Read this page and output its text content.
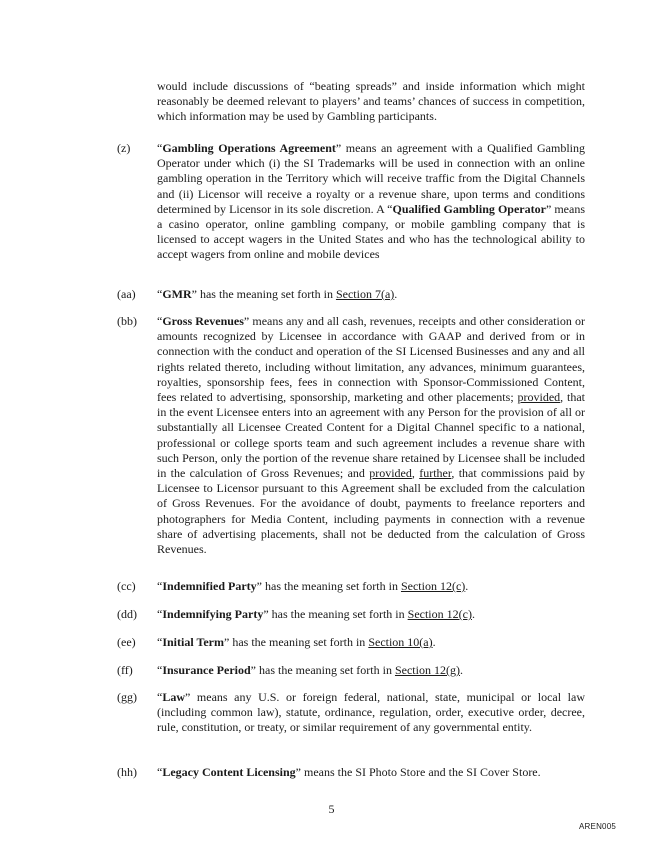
would include discussions of “beating spreads” and inside information which might reasonably be deemed relevant to players’ and teams’ chances of success in competition, which information may be used by Gambling participants.

(z)	“Gambling Operations Agreement” means an agreement with a Qualified Gambling Operator under which (i) the SI Trademarks will be used in connection with an online gambling operation in the Territory which will receive traffic from the Digital Channels and (ii) Licensor will receive a royalty or a revenue share, upon terms and conditions determined by Licensor in its sole discretion. A “Qualified Gambling Operator” means a casino operator, online gambling company, or mobile gambling company that is licensed to accept wagers in the United States and who has the technological ability to accept wagers from online and mobile devices
(aa)	“GMR” has the meaning set forth in Section 7(a).
(bb)	“Gross Revenues” means any and all cash, revenues, receipts and other consideration or amounts recognized by Licensee in accordance with GAAP and derived from or in connection with the conduct and operation of the SI Licensed Businesses and any and all rights related thereto, including without limitation, any advances, minimum guarantees, royalties, sponsorship fees, fees in connection with Sponsor-Commissioned Content, fees related to advertising, sponsorship, marketing and other placements; provided, that in the event Licensee enters into an agreement with any Person for the provision of all or substantially all Licensee Created Content for a Digital Channel specific to a national, professional or college sports team and such agreement includes a revenue share with such Person, only the portion of the revenue share retained by Licensee shall be included in the calculation of Gross Revenues; and provided, further, that commissions paid by Licensee to Licensor pursuant to this Agreement shall be excluded from the calculation of Gross Revenues. For the avoidance of doubt, payments to freelance reporters and photographers for Media Content, including payments in connection with a revenue share of advertising placements, shall not be deducted from the calculation of Gross Revenues.
(cc)	“Indemnified Party” has the meaning set forth in Section 12(c).
(dd)	“Indemnifying Party” has the meaning set forth in Section 12(c).
(ee)	“Initial Term” has the meaning set forth in Section 10(a).
(ff)	“Insurance Period” has the meaning set forth in Section 12(g).
(gg)	“Law” means any U.S. or foreign federal, national, state, municipal or local law (including common law), statute, ordinance, regulation, order, executive order, decree, rule, constitution, or treaty, or similar requirement of any governmental entity.
(hh)	“Legacy Content Licensing” means the SI Photo Store and the SI Cover Store.
5
AREN005
